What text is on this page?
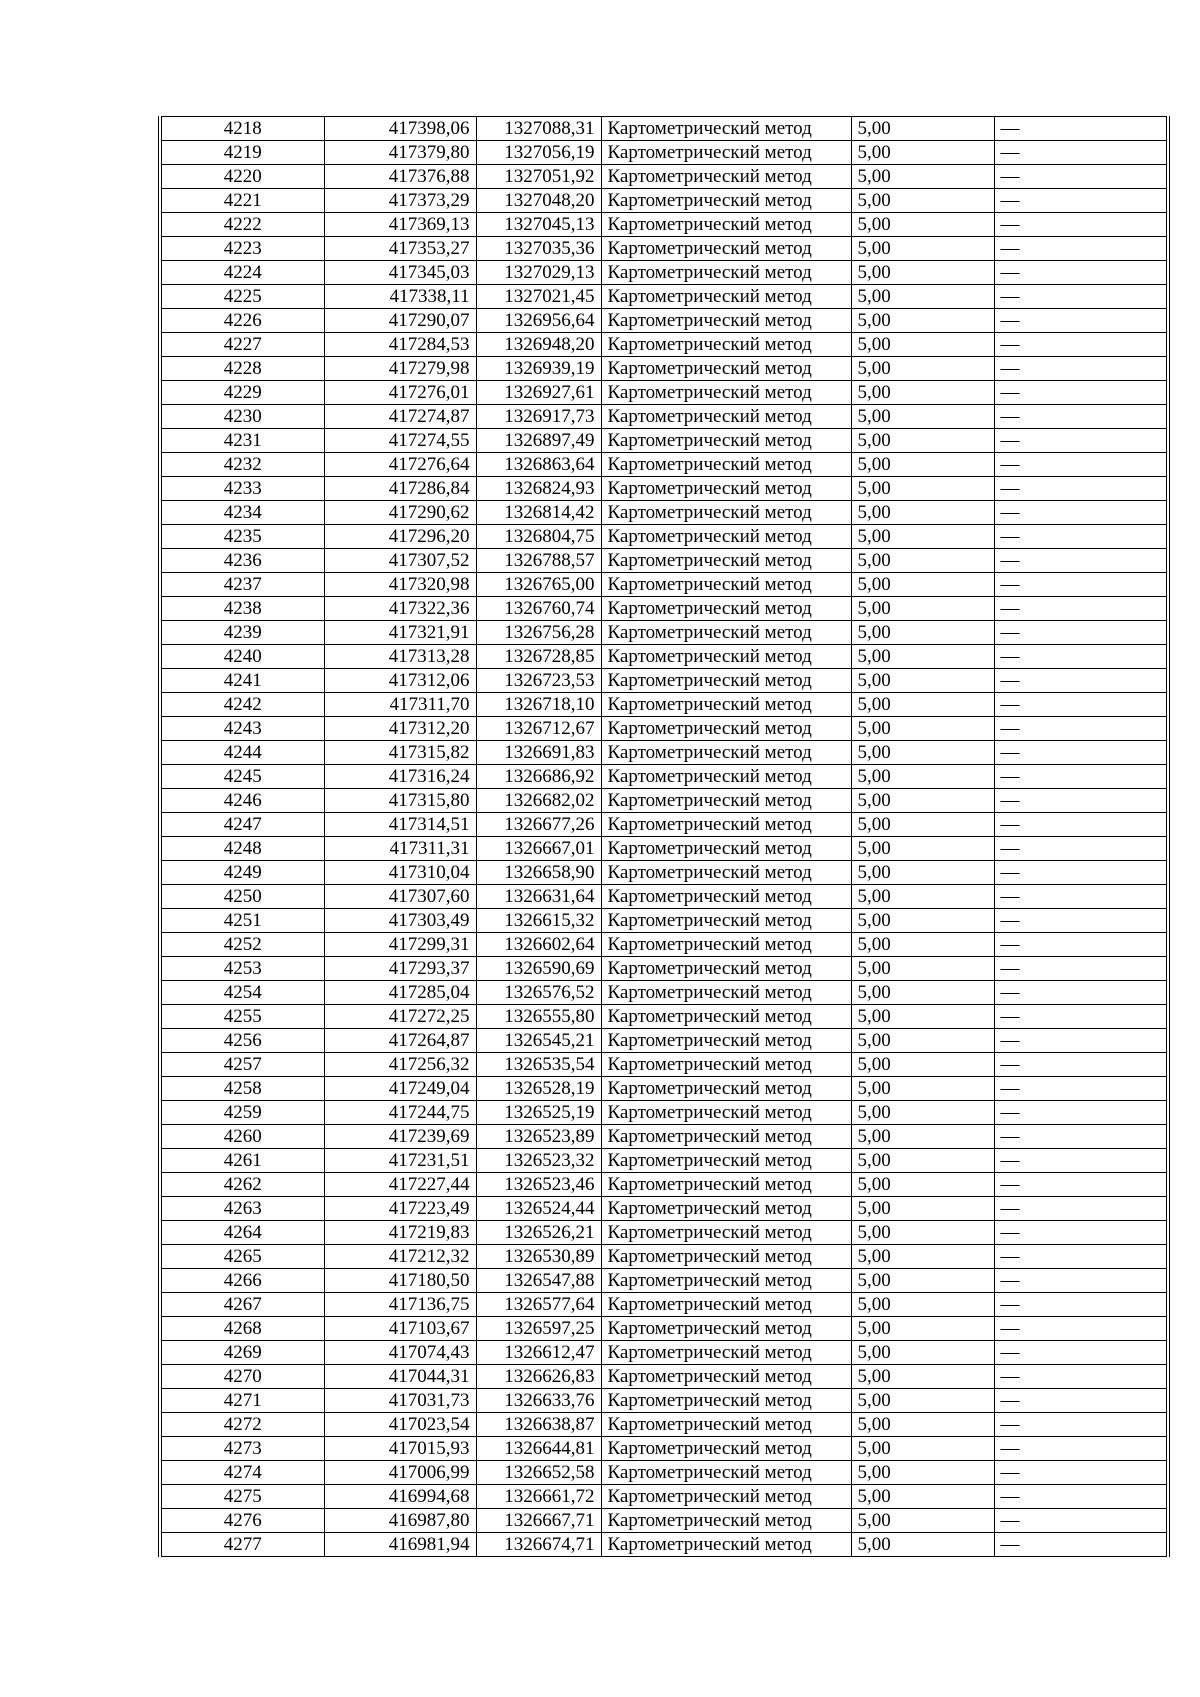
4218	417398,06	1327088,31	Картометрический метод	5,00	—
4219	417379,80	1327056,19	Картометрический метод	5,00	—
4220	417376,88	1327051,92	Картометрический метод	5,00	—
4221	417373,29	1327048,20	Картометрический метод	5,00	—
4222	417369,13	1327045,13	Картометрический метод	5,00	—
4223	417353,27	1327035,36	Картометрический метод	5,00	—
4224	417345,03	1327029,13	Картометрический метод	5,00	—
4225	417338,11	1327021,45	Картометрический метод	5,00	—
4226	417290,07	1326956,64	Картометрический метод	5,00	—
4227	417284,53	1326948,20	Картометрический метод	5,00	—
4228	417279,98	1326939,19	Картометрический метод	5,00	—
4229	417276,01	1326927,61	Картометрический метод	5,00	—
4230	417274,87	1326917,73	Картометрический метод	5,00	—
4231	417274,55	1326897,49	Картометрический метод	5,00	—
4232	417276,64	1326863,64	Картометрический метод	5,00	—
4233	417286,84	1326824,93	Картометрический метод	5,00	—
4234	417290,62	1326814,42	Картометрический метод	5,00	—
4235	417296,20	1326804,75	Картометрический метод	5,00	—
4236	417307,52	1326788,57	Картометрический метод	5,00	—
4237	417320,98	1326765,00	Картометрический метод	5,00	—
4238	417322,36	1326760,74	Картометрический метод	5,00	—
4239	417321,91	1326756,28	Картометрический метод	5,00	—
4240	417313,28	1326728,85	Картометрический метод	5,00	—
4241	417312,06	1326723,53	Картометрический метод	5,00	—
4242	417311,70	1326718,10	Картометрический метод	5,00	—
4243	417312,20	1326712,67	Картометрический метод	5,00	—
4244	417315,82	1326691,83	Картометрический метод	5,00	—
4245	417316,24	1326686,92	Картометрический метод	5,00	—
4246	417315,80	1326682,02	Картометрический метод	5,00	—
4247	417314,51	1326677,26	Картометрический метод	5,00	—
4248	417311,31	1326667,01	Картометрический метод	5,00	—
4249	417310,04	1326658,90	Картометрический метод	5,00	—
4250	417307,60	1326631,64	Картометрический метод	5,00	—
4251	417303,49	1326615,32	Картометрический метод	5,00	—
4252	417299,31	1326602,64	Картометрический метод	5,00	—
4253	417293,37	1326590,69	Картометрический метод	5,00	—
4254	417285,04	1326576,52	Картометрический метод	5,00	—
4255	417272,25	1326555,80	Картометрический метод	5,00	—
4256	417264,87	1326545,21	Картометрический метод	5,00	—
4257	417256,32	1326535,54	Картометрический метод	5,00	—
4258	417249,04	1326528,19	Картометрический метод	5,00	—
4259	417244,75	1326525,19	Картометрический метод	5,00	—
4260	417239,69	1326523,89	Картометрический метод	5,00	—
4261	417231,51	1326523,32	Картометрический метод	5,00	—
4262	417227,44	1326523,46	Картометрический метод	5,00	—
4263	417223,49	1326524,44	Картометрический метод	5,00	—
4264	417219,83	1326526,21	Картометрический метод	5,00	—
4265	417212,32	1326530,89	Картометрический метод	5,00	—
4266	417180,50	1326547,88	Картометрический метод	5,00	—
4267	417136,75	1326577,64	Картометрический метод	5,00	—
4268	417103,67	1326597,25	Картометрический метод	5,00	—
4269	417074,43	1326612,47	Картометрический метод	5,00	—
4270	417044,31	1326626,83	Картометрический метод	5,00	—
4271	417031,73	1326633,76	Картометрический метод	5,00	—
4272	417023,54	1326638,87	Картометрический метод	5,00	—
4273	417015,93	1326644,81	Картометрический метод	5,00	—
4274	417006,99	1326652,58	Картометрический метод	5,00	—
4275	416994,68	1326661,72	Картометрический метод	5,00	—
4276	416987,80	1326667,71	Картометрический метод	5,00	—
4277	416981,94	1326674,71	Картометрический метод	5,00	—
